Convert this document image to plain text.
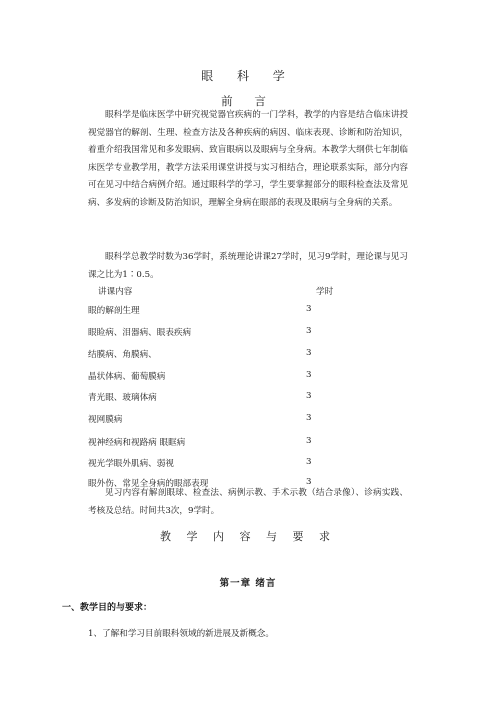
眼 科 学
前 言

眼科学是临床医学中研究视觉器官疾病的一门学科，教学的内容是结合临床讲授视觉器官的解剖、生理、检查方法及各种疾病的病因、临床表现、诊断和防治知识，着重介绍我国常见和多发眼病、致盲眼病以及眼病与全身病。本教学大纲供七年制临床医学专业教学用，教学方法采用课堂讲授与实习相结合，理论联系实际，部分内容可在见习中结合病例介绍。通过眼科学的学习，学生要掌握部分的眼科检查法及常见病、多发病的诊断及防治知识，理解全身病在眼部的表现及眼病与全身病的关系。

眼科学总教学时数为36学时，系统理论讲课27学时，见习9学时，理论课与见习课之比为1∶0.5。

讲课内容	学时
眼的解剖生理	3
眼睑病、泪器病、眼表疾病	3
结膜病、角膜病、	3
晶状体病、葡萄膜病	3
青光眼、玻璃体病	3
视网膜病	3
视神经病和视路病 眼眶病	3
视光学眼外肌病、弱视	3
眼外伤、常见全身病的眼部表现	3

见习内容有解剖眼球、检查法、病例示教、手术示教（结合录像）、诊病实践、考核及总结。时间共3次，9学时。

教 学 内 容 与 要 求
第一章 绪言
一、教学目的与要求：
1、了解和学习目前眼科领域的新进展及新概念。
